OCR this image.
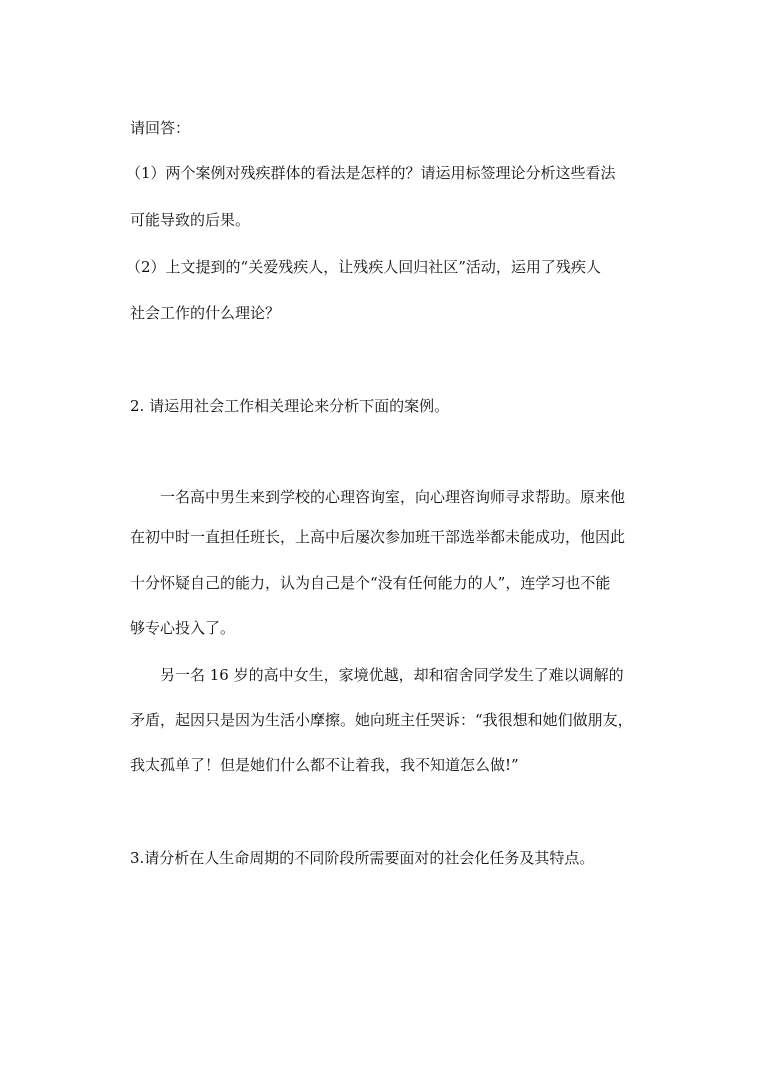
请回答：
（1）两个案例对残疾群体的看法是怎样的？请运用标签理论分析这些看法
可能导致的后果。
（2）上文提到的“关爱残疾人，让残疾人回归社区”活动，运用了残疾人
社会工作的什么理论？
2. 请运用社会工作相关理论来分析下面的案例。
一名高中男生来到学校的心理咨询室，向心理咨询师寻求帮助。原来他
在初中时一直担任班长，上高中后屡次参加班干部选举都未能成功，他因此
十分怀疑自己的能力，认为自己是个“没有任何能力的人”，连学习也不能
够专心投入了。
另一名 16 岁的高中女生，家境优越，却和宿舍同学发生了难以调解的
矛盾，起因只是因为生活小摩擦。她向班主任哭诉：“我很想和她们做朋友，
我太孤单了！但是她们什么都不让着我，我不知道怎么做!”
3.请分析在人生命周期的不同阶段所需要面对的社会化任务及其特点。
